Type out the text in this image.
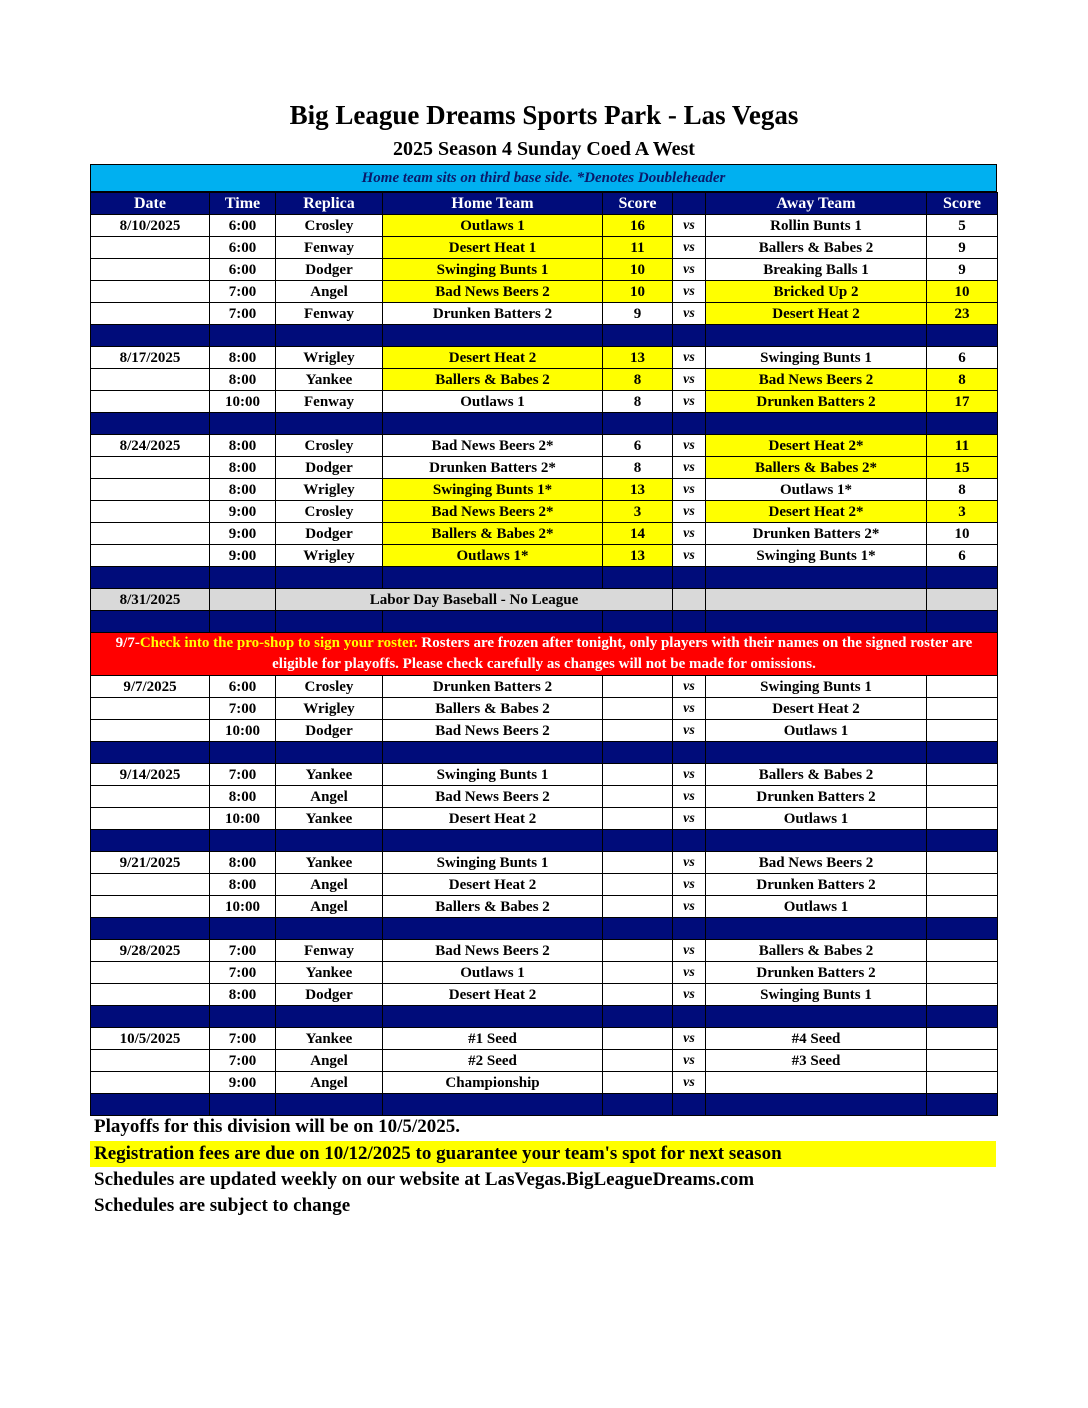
Big League Dreams Sports Park - Las Vegas
2025 Season 4 Sunday Coed A West
Home team sits on third base side. *Denotes Doubleheader
Date	Time	Replica	Home Team	Score		Away Team	Score
8/10/2025	6:00	Crosley	Outlaws 1	16	vs	Rollin Bunts 1	5
	6:00	Fenway	Desert Heat 1	11	vs	Ballers & Babes 2	9
	6:00	Dodger	Swinging Bunts 1	10	vs	Breaking Balls 1	9
	7:00	Angel	Bad News Beers 2	10	vs	Bricked Up 2	10
	7:00	Fenway	Drunken Batters 2	9	vs	Desert Heat 2	23

8/17/2025	8:00	Wrigley	Desert Heat 2	13	vs	Swinging Bunts 1	6
	8:00	Yankee	Ballers & Babes 2	8	vs	Bad News Beers 2	8
	10:00	Fenway	Outlaws 1	8	vs	Drunken Batters 2	17

8/24/2025	8:00	Crosley	Bad News Beers 2*	6	vs	Desert Heat 2*	11
	8:00	Dodger	Drunken Batters 2*	8	vs	Ballers & Babes 2*	15
	8:00	Wrigley	Swinging Bunts 1*	13	vs	Outlaws 1*	8
	9:00	Crosley	Bad News Beers 2*	3	vs	Desert Heat 2*	3
	9:00	Dodger	Ballers & Babes 2*	14	vs	Drunken Batters 2*	10
	9:00	Wrigley	Outlaws 1*	13	vs	Swinging Bunts 1*	6

8/31/2025		Labor Day Baseball - No League					

9/7-Check into the pro-shop to sign your roster. Rosters are frozen after tonight, only players with their names on the signed roster are eligible for playoffs. Please check carefully as changes will not be made for omissions.							
9/7/2025	6:00	Crosley	Drunken Batters 2		vs	Swinging Bunts 1	
	7:00	Wrigley	Ballers & Babes 2		vs	Desert Heat 2	
	10:00	Dodger	Bad News Beers 2		vs	Outlaws 1	

9/14/2025	7:00	Yankee	Swinging Bunts 1		vs	Ballers & Babes 2	
	8:00	Angel	Bad News Beers 2		vs	Drunken Batters 2	
	10:00	Yankee	Desert Heat 2		vs	Outlaws 1	

9/21/2025	8:00	Yankee	Swinging Bunts 1		vs	Bad News Beers 2	
	8:00	Angel	Desert Heat 2		vs	Drunken Batters 2	
	10:00	Angel	Ballers & Babes 2		vs	Outlaws 1	

9/28/2025	7:00	Fenway	Bad News Beers 2		vs	Ballers & Babes 2	
	7:00	Yankee	Outlaws 1		vs	Drunken Batters 2	
	8:00	Dodger	Desert Heat 2		vs	Swinging Bunts 1	

10/5/2025	7:00	Yankee	#1 Seed		vs	#4 Seed	
	7:00	Angel	#2 Seed		vs	#3 Seed	
	9:00	Angel	Championship		vs		

Playoffs for this division will be on 10/5/2025.
Registration fees are due on 10/12/2025 to guarantee your team's spot for next season
Schedules are updated weekly on our website at LasVegas.BigLeagueDreams.com
Schedules are subject to change
